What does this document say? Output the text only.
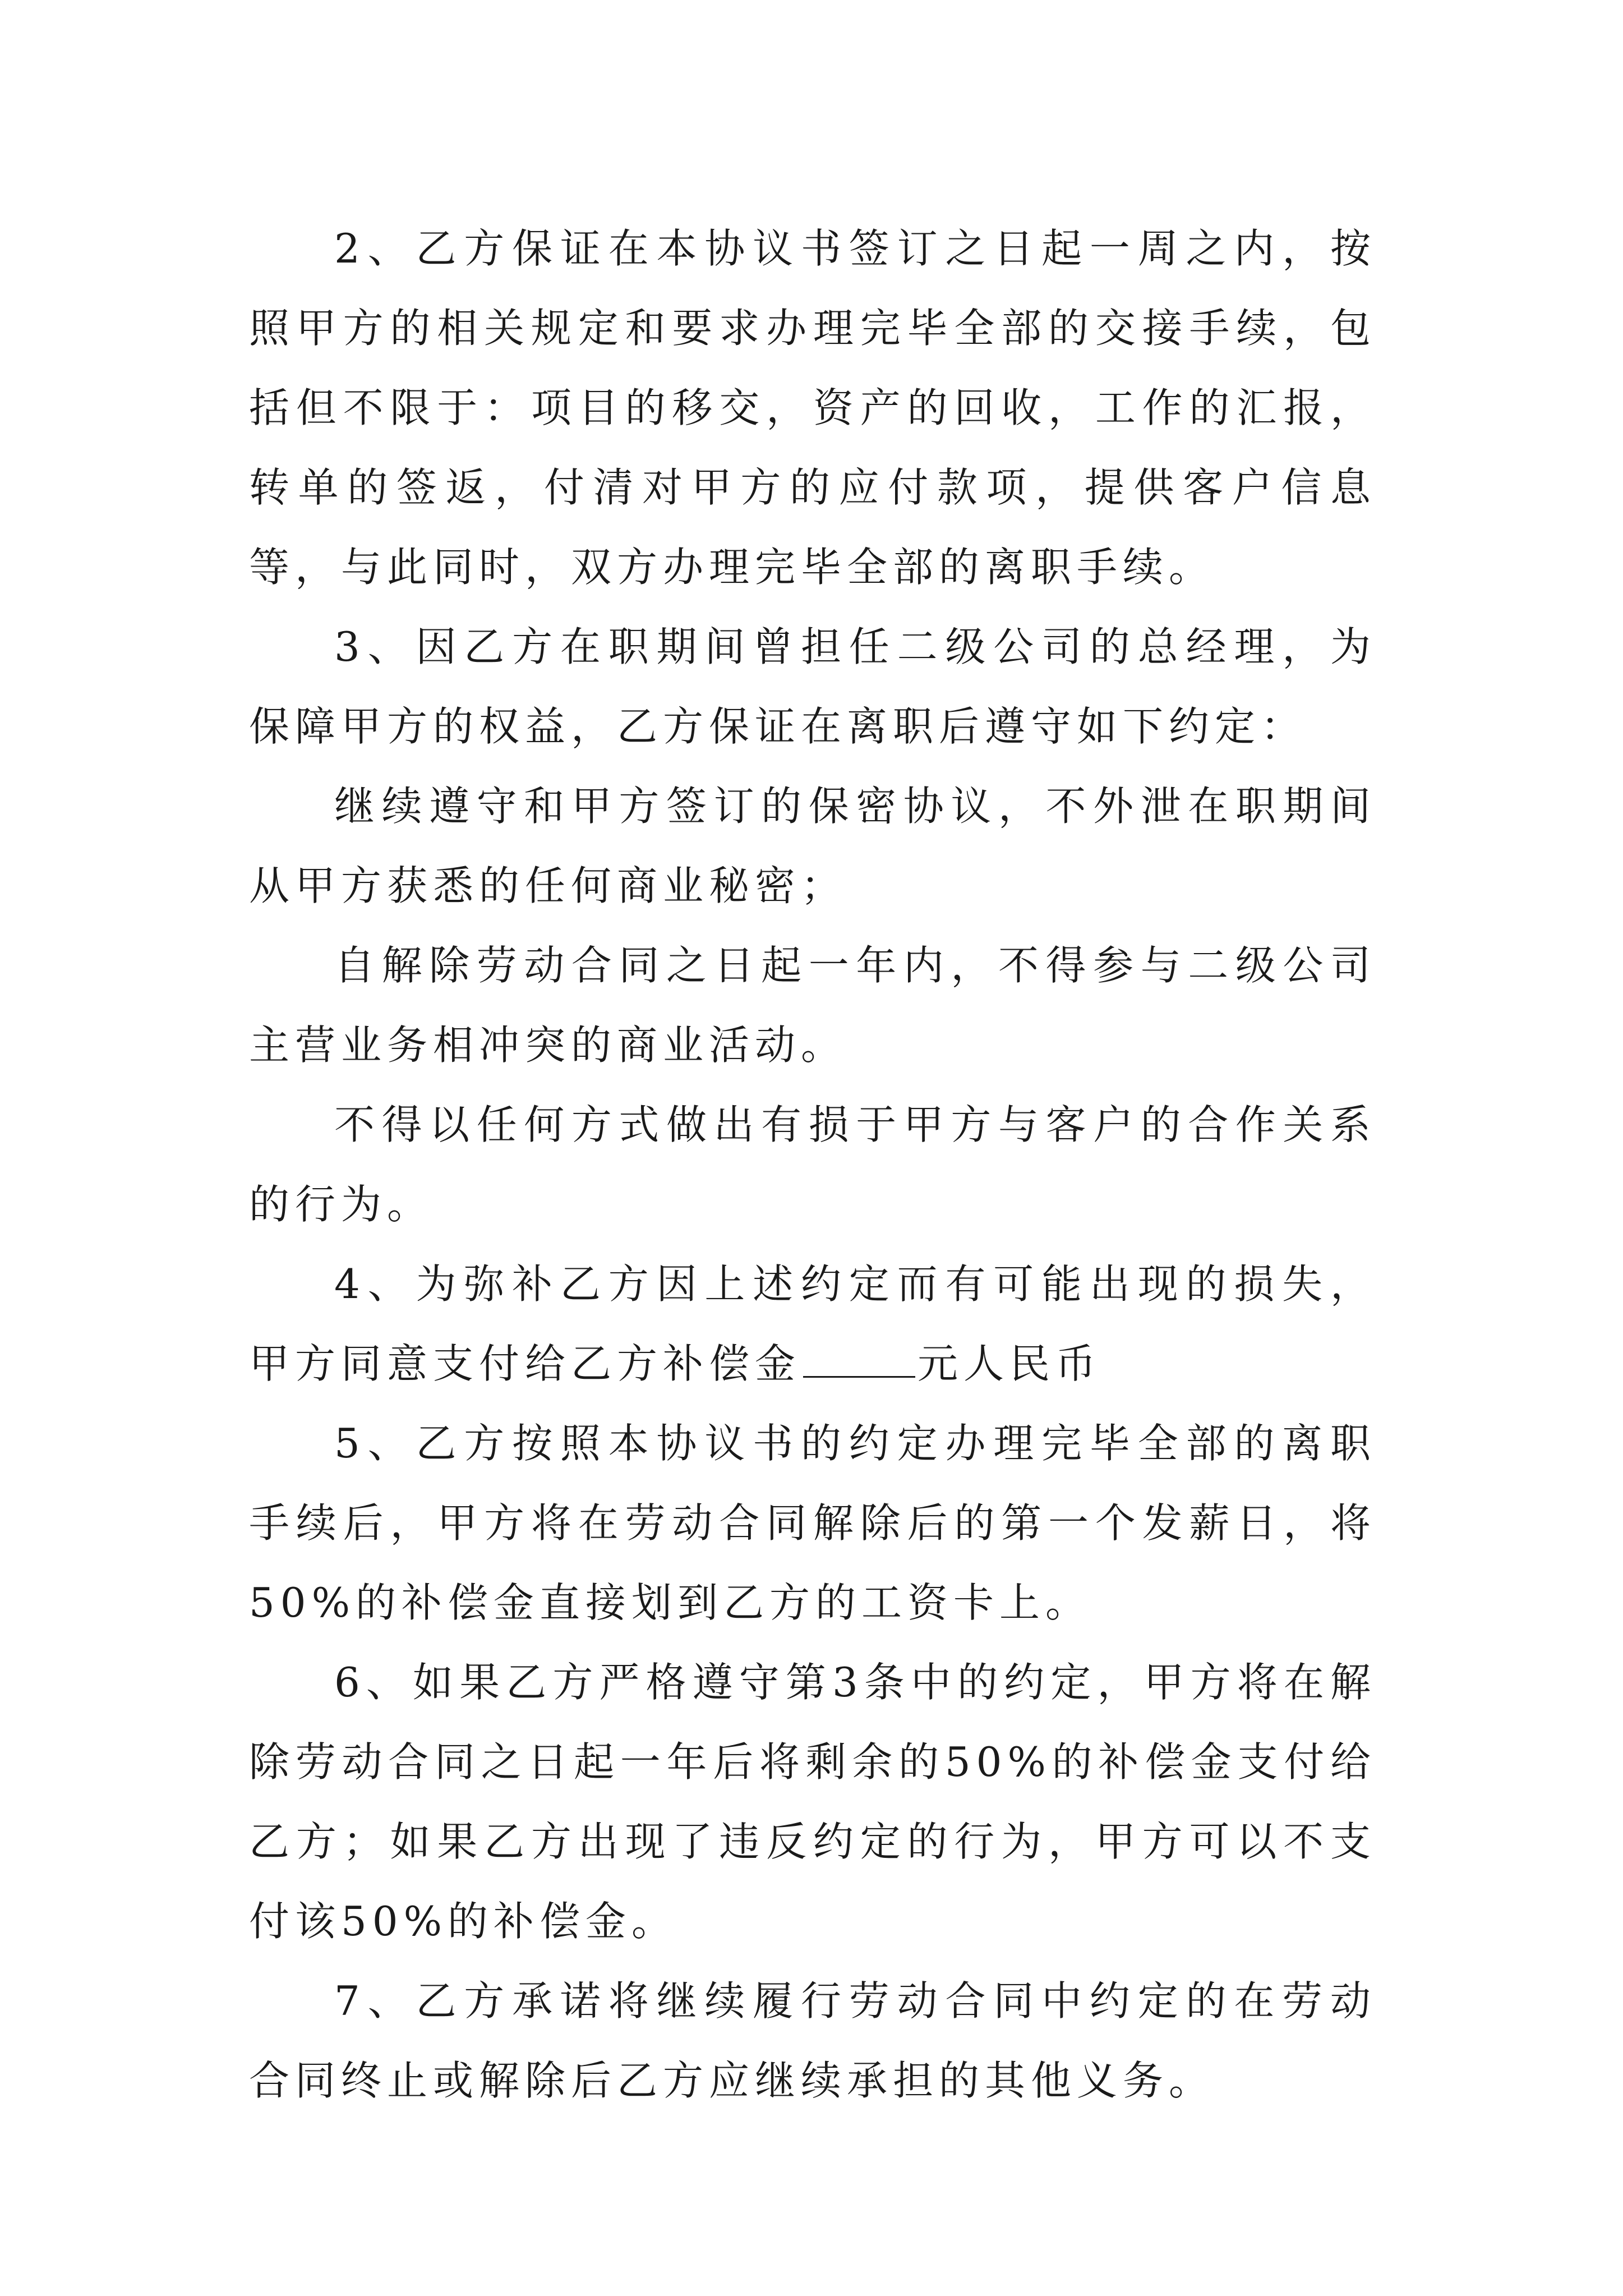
2、乙方保证在本协议书签订之日起一周之内，按照甲方的相关规定和要求办理完毕全部的交接手续，包括但不限于：项目的移交，资产的回收，工作的汇报，转单的签返，付清对甲方的应付款项，提供客户信息等，与此同时，双方办理完毕全部的离职手续。

3、因乙方在职期间曾担任二级公司的总经理，为保障甲方的权益，乙方保证在离职后遵守如下约定：

继续遵守和甲方签订的保密协议，不外泄在职期间从甲方获悉的任何商业秘密；

自解除劳动合同之日起一年内，不得参与二级公司主营业务相冲突的商业活动。

不得以任何方式做出有损于甲方与客户的合作关系的行为。

4、为弥补乙方因上述约定而有可能出现的损失，甲方同意支付给乙方补偿金	元人民币

5、乙方按照本协议书的约定办理完毕全部的离职手续后，甲方将在劳动合同解除后的第一个发薪日，将50%的补偿金直接划到乙方的工资卡上。

6、如果乙方严格遵守第3条中的约定，甲方将在解除劳动合同之日起一年后将剩余的50%的补偿金支付给乙方；如果乙方出现了违反约定的行为，甲方可以不支付该50%的补偿金。

7、乙方承诺将继续履行劳动合同中约定的在劳动合同终止或解除后乙方应继续承担的其他义务。
